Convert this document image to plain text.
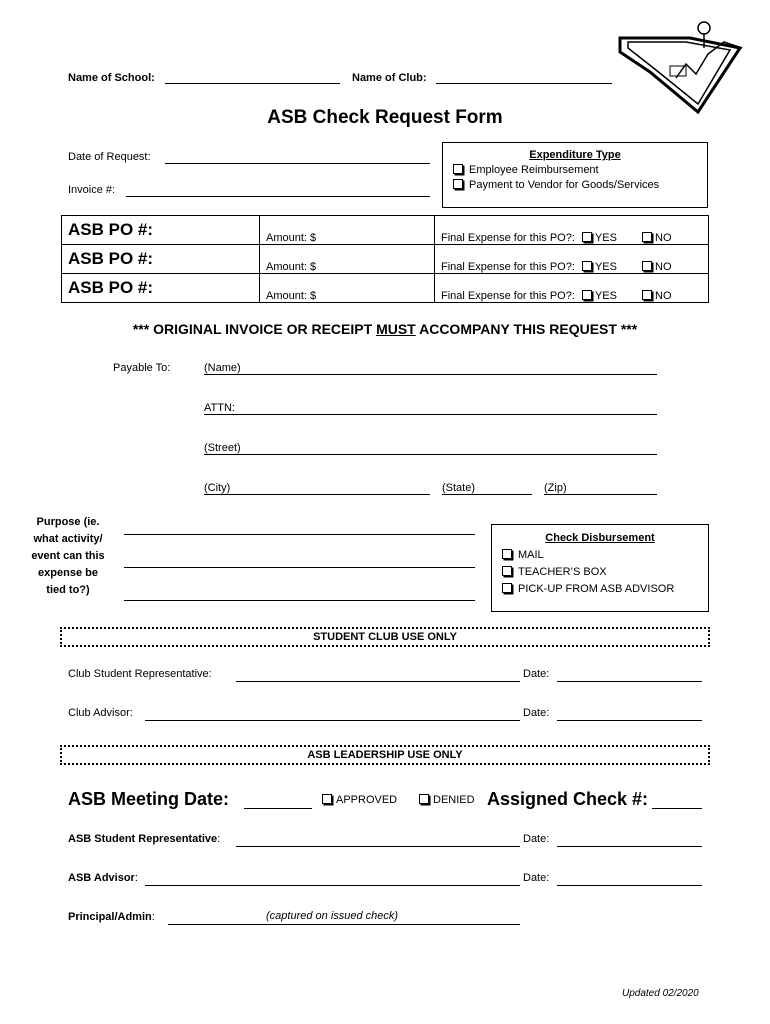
Name of School:	Name of Club:
ASB Check Request Form
Date of Request:
Invoice #:
Expenditure Type
Employee Reimbursement
Payment to Vendor for Goods/Services
ASB PO #:	Amount: $	Final Expense for this PO?: YES NO
ASB PO #:	Amount: $	Final Expense for this PO?: YES NO
ASB PO #:	Amount: $	Final Expense for this PO?: YES NO
*** ORIGINAL INVOICE OR RECEIPT MUST ACCOMPANY THIS REQUEST ***
Payable To:	(Name)
ATTN:
(Street)
(City)	(State)	(Zip)
Purpose (ie.
what activity/
event can this
expense be
tied to?)
Check Disbursement
MAIL
TEACHER’S BOX
PICK-UP FROM ASB ADVISOR
STUDENT CLUB USE ONLY
Club Student Representative:	Date:
Club Advisor:	Date:
ASB LEADERSHIP USE ONLY
ASB Meeting Date:	APPROVED	DENIED Assigned Check #:
ASB Student Representative:	Date:
ASB Advisor:	Date:
Principal/Admin:	(captured on issued check)
Updated 02/2020
